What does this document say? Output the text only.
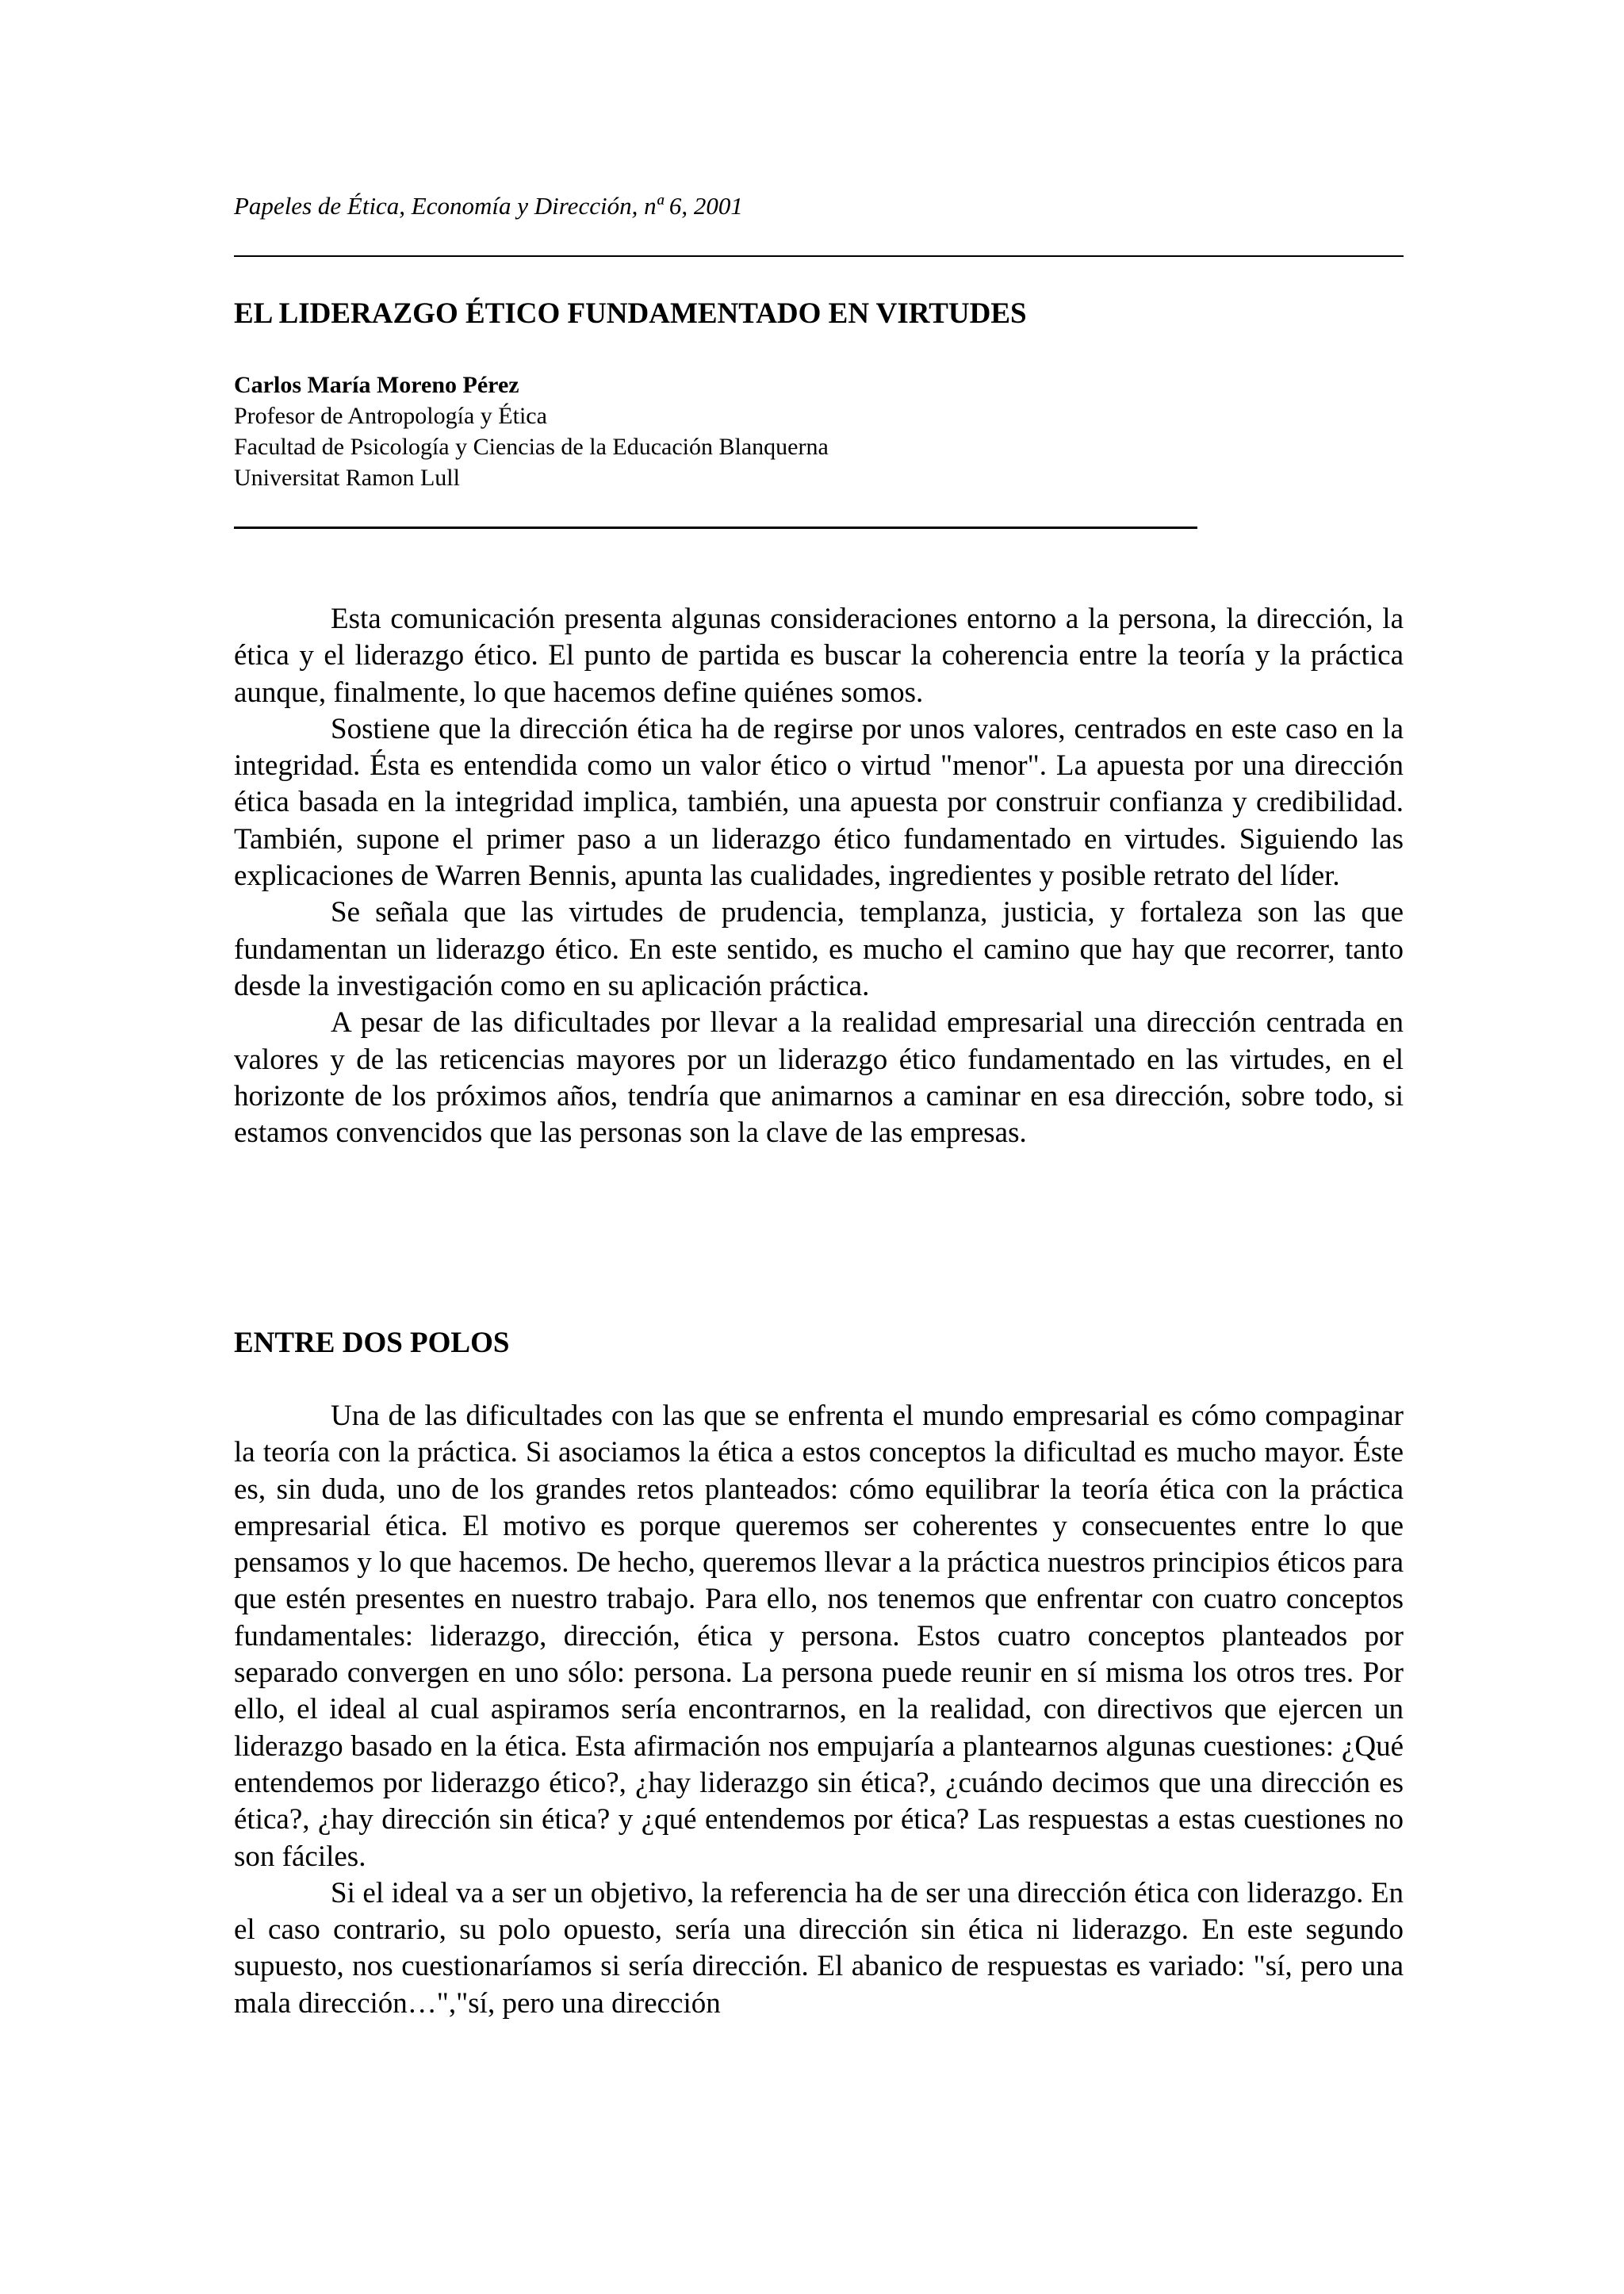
Papeles de Ética, Economía y Dirección, nª 6, 2001
EL LIDERAZGO ÉTICO FUNDAMENTADO EN VIRTUDES
Carlos María Moreno Pérez
Profesor de Antropología y Ética
Facultad de Psicología y Ciencias de la Educación Blanquerna
Universitat Ramon Lull

Esta comunicación presenta algunas consideraciones entorno a la persona, la dirección, la ética y el liderazgo ético. El punto de partida es buscar la coherencia entre la teoría y la práctica aunque, finalmente, lo que hacemos define quiénes somos.

Sostiene que la dirección ética ha de regirse por unos valores, centrados en este caso en la integridad. Ésta es entendida como un valor ético o virtud "menor". La apuesta por una dirección ética basada en la integridad implica, también, una apuesta por construir confianza y credibilidad. También, supone el primer paso a un liderazgo ético fundamentado en virtudes. Siguiendo las explicaciones de Warren Bennis, apunta las cualidades, ingredientes y posible retrato del líder.

Se señala que las virtudes de prudencia, templanza, justicia, y fortaleza son las que fundamentan un liderazgo ético. En este sentido, es mucho el camino que hay que recorrer, tanto desde la investigación como en su aplicación práctica.

A pesar de las dificultades por llevar a la realidad empresarial una dirección centrada en valores y de las reticencias mayores por un liderazgo ético fundamentado en las virtudes, en el horizonte de los próximos años, tendría que animarnos a caminar en esa dirección, sobre todo, si estamos convencidos que las personas son la clave de las empresas.

ENTRE DOS POLOS

Una de las dificultades con las que se enfrenta el mundo empresarial es cómo compaginar la teoría con la práctica. Si asociamos la ética a estos conceptos la dificultad es mucho mayor. Éste es, sin duda, uno de los grandes retos planteados: cómo equilibrar la teoría ética con la práctica empresarial ética. El motivo es porque queremos ser coherentes y consecuentes entre lo que pensamos y lo que hacemos. De hecho, queremos llevar a la práctica nuestros principios éticos para que estén presentes en nuestro trabajo. Para ello, nos tenemos que enfrentar con cuatro conceptos fundamentales: liderazgo, dirección, ética y persona. Estos cuatro conceptos planteados por separado convergen en uno sólo: persona. La persona puede reunir en sí misma los otros tres. Por ello, el ideal al cual aspiramos sería encontrarnos, en la realidad, con directivos que ejercen un liderazgo basado en la ética. Esta afirmación nos empujaría a plantearnos algunas cuestiones: ¿Qué entendemos por liderazgo ético?, ¿hay liderazgo sin ética?, ¿cuándo decimos que una dirección es ética?, ¿hay dirección sin ética? y ¿qué entendemos por ética? Las respuestas a estas cuestiones no son fáciles.

Si el ideal va a ser un objetivo, la referencia ha de ser una dirección ética con liderazgo. En el caso contrario, su polo opuesto, sería una dirección sin ética ni liderazgo. En este segundo supuesto, nos cuestionaríamos si sería dirección. El abanico de respuestas es variado: "sí, pero una mala dirección…","sí, pero una dirección
